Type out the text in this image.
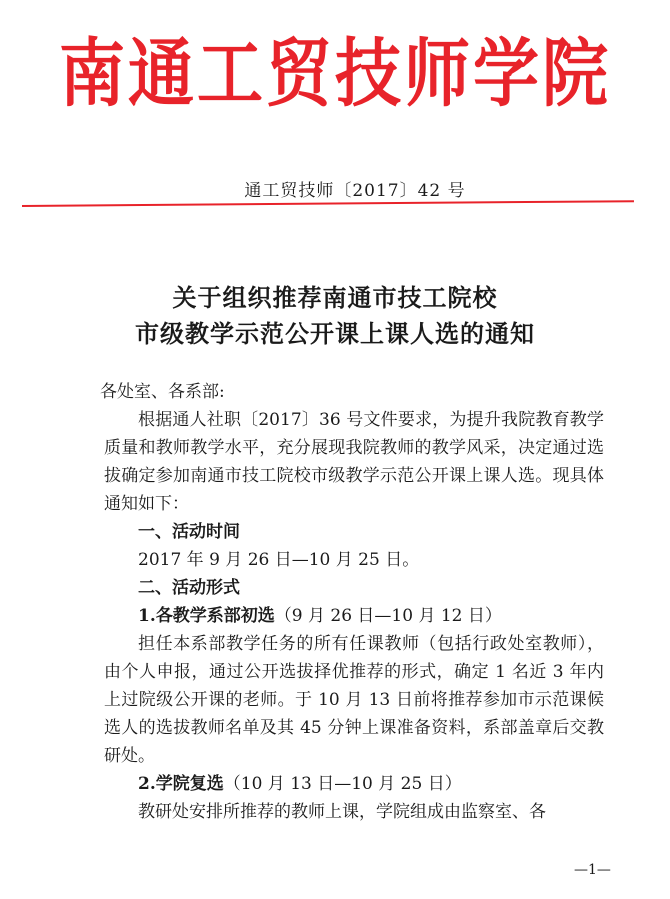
南通工贸技师学院
通工贸技师〔2017〕42 号
关于组织推荐南通市技工院校
市级教学示范公开课上课人选的通知

各处室、各系部:

根据通人社职〔2017〕36 号文件要求，为提升我院教育教学质量和教师教学水平，充分展现我院教师的教学风采，决定通过选拔确定参加南通市技工院校市级教学示范公开课上课人选。现具体通知如下：

一、活动时间

2017 年 9 月 26 日—10 月 25 日。

二、活动形式

1.各教学系部初选（9 月 26 日—10 月 12 日）

担任本系部教学任务的所有任课教师（包括行政处室教师），由个人申报，通过公开选拔择优推荐的形式，确定 1 名近 3 年内上过院级公开课的老师。于 10 月 13 日前将推荐参加市示范课候选人的选拔教师名单及其 45 分钟上课准备资料，系部盖章后交教研处。

2.学院复选（10 月 13 日—10 月 25 日）

教研处安排所推荐的教师上课，学院组成由监察室、各

—1—
